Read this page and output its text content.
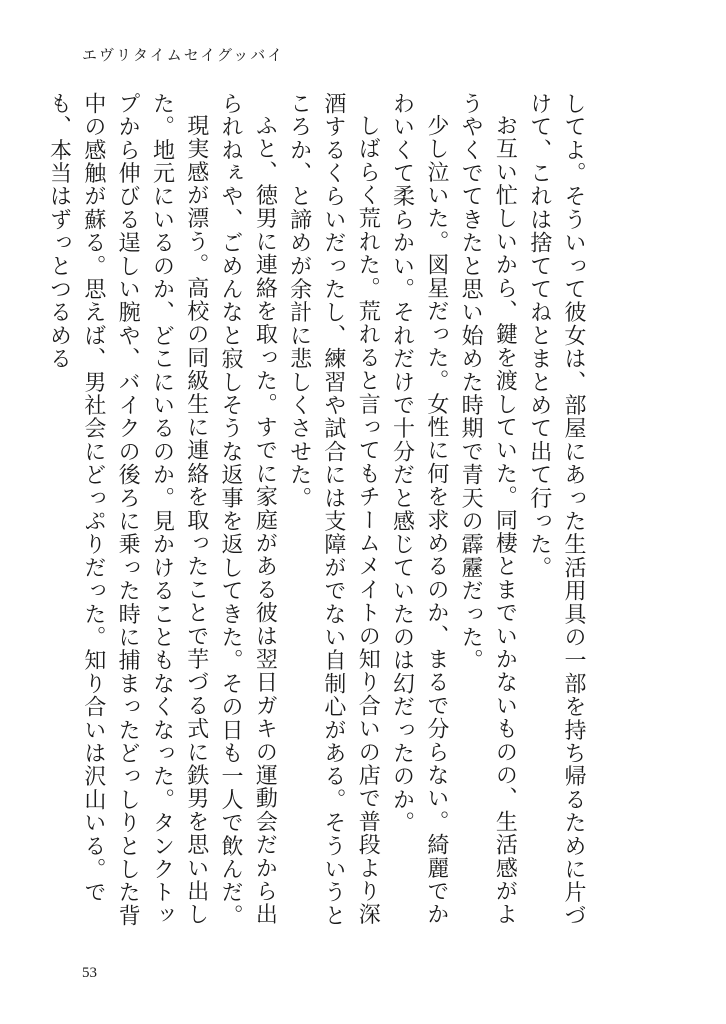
エヴリタイムセイグッバイ

してよ。そういって彼女は、部屋にあった生活用具の一部を持ち帰るために片づけて、これは捨ててねとまとめて出て行った。

お互い忙しいから、鍵を渡していた。同棲とまでいかないものの、生活感がようやくでてきたと思い始めた時期で青天の霹靂だった。

少し泣いた。図星だった。女性に何を求めるのか、まるで分らない。綺麗でかわいくて柔らかい。それだけで十分だと感じていたのは幻だったのか。

しばらく荒れた。荒れると言ってもチームメイトの知り合いの店で普段より深酒するくらいだったし、練習や試合には支障がでない自制心がある。そういうところか、と諦めが余計に悲しくさせた。

ふと、徳男に連絡を取った。すでに家庭がある彼は翌日ガキの運動会だから出られねぇや、ごめんなと寂しそうな返事を返してきた。その日も一人で飲んだ。

現実感が漂う。高校の同級生に連絡を取ったことで芋づる式に鉄男を思い出した。地元にいるのか、どこにいるのか。見かけることもなくなった。タンクトップから伸びる逞しい腕や、バイクの後ろに乗った時に捕まったどっしりとした背中の感触が蘇る。思えば、男社会にどっぷりだった。知り合いは沢山いる。でも、本当はずっとつるめる

53
